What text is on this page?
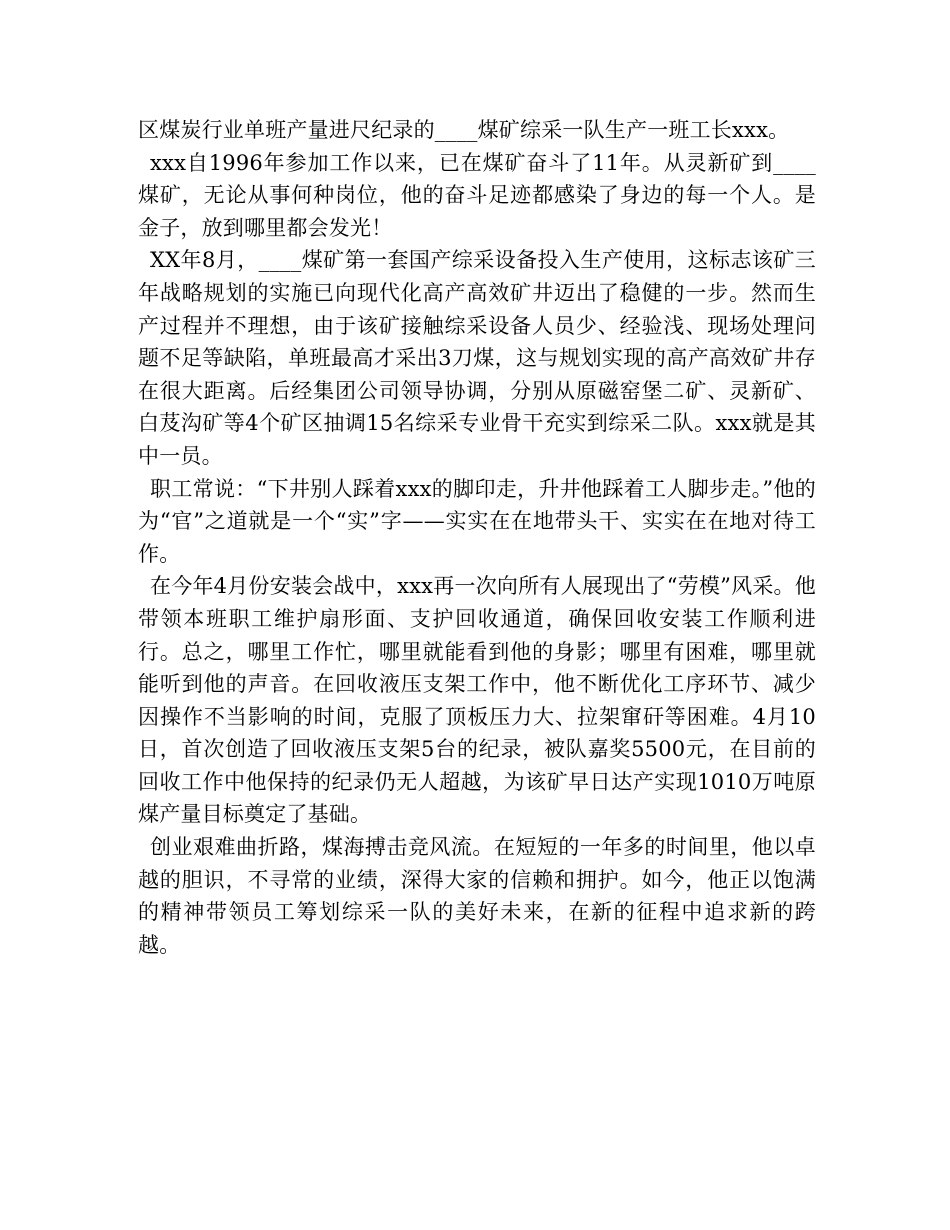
区煤炭行业单班产量进尺纪录的____煤矿综采一队生产一班工长xxx。

xxx自1996年参加工作以来，已在煤矿奋斗了11年。从灵新矿到____煤矿，无论从事何种岗位，他的奋斗足迹都感染了身边的每一个人。是金子，放到哪里都会发光！

XX年8月，____煤矿第一套国产综采设备投入生产使用，这标志该矿三年战略规划的实施已向现代化高产高效矿井迈出了稳健的一步。然而生产过程并不理想，由于该矿接触综采设备人员少、经验浅、现场处理问题不足等缺陷，单班最高才采出3刀煤，这与规划实现的高产高效矿井存在很大距离。后经集团公司领导协调，分别从原磁窑堡二矿、灵新矿、白芨沟矿等4个矿区抽调15名综采专业骨干充实到综采二队。xxx就是其中一员。

职工常说：“下井别人踩着xxx的脚印走，升井他踩着工人脚步走。”他的为“官”之道就是一个“实”字——实实在在地带头干、实实在在地对待工作。

在今年4月份安装会战中，xxx再一次向所有人展现出了“劳模”风采。他带领本班职工维护扇形面、支护回收通道，确保回收安装工作顺利进行。总之，哪里工作忙，哪里就能看到他的身影；哪里有困难，哪里就能听到他的声音。在回收液压支架工作中，他不断优化工序环节、减少因操作不当影响的时间，克服了顶板压力大、拉架窜矸等困难。4月10日，首次创造了回收液压支架5台的纪录，被队嘉奖5500元，在目前的回收工作中他保持的纪录仍无人超越，为该矿早日达产实现1010万吨原煤产量目标奠定了基础。

创业艰难曲折路，煤海搏击竞风流。在短短的一年多的时间里，他以卓越的胆识，不寻常的业绩，深得大家的信赖和拥护。如今，他正以饱满的精神带领员工筹划综采一队的美好未来，在新的征程中追求新的跨越。
